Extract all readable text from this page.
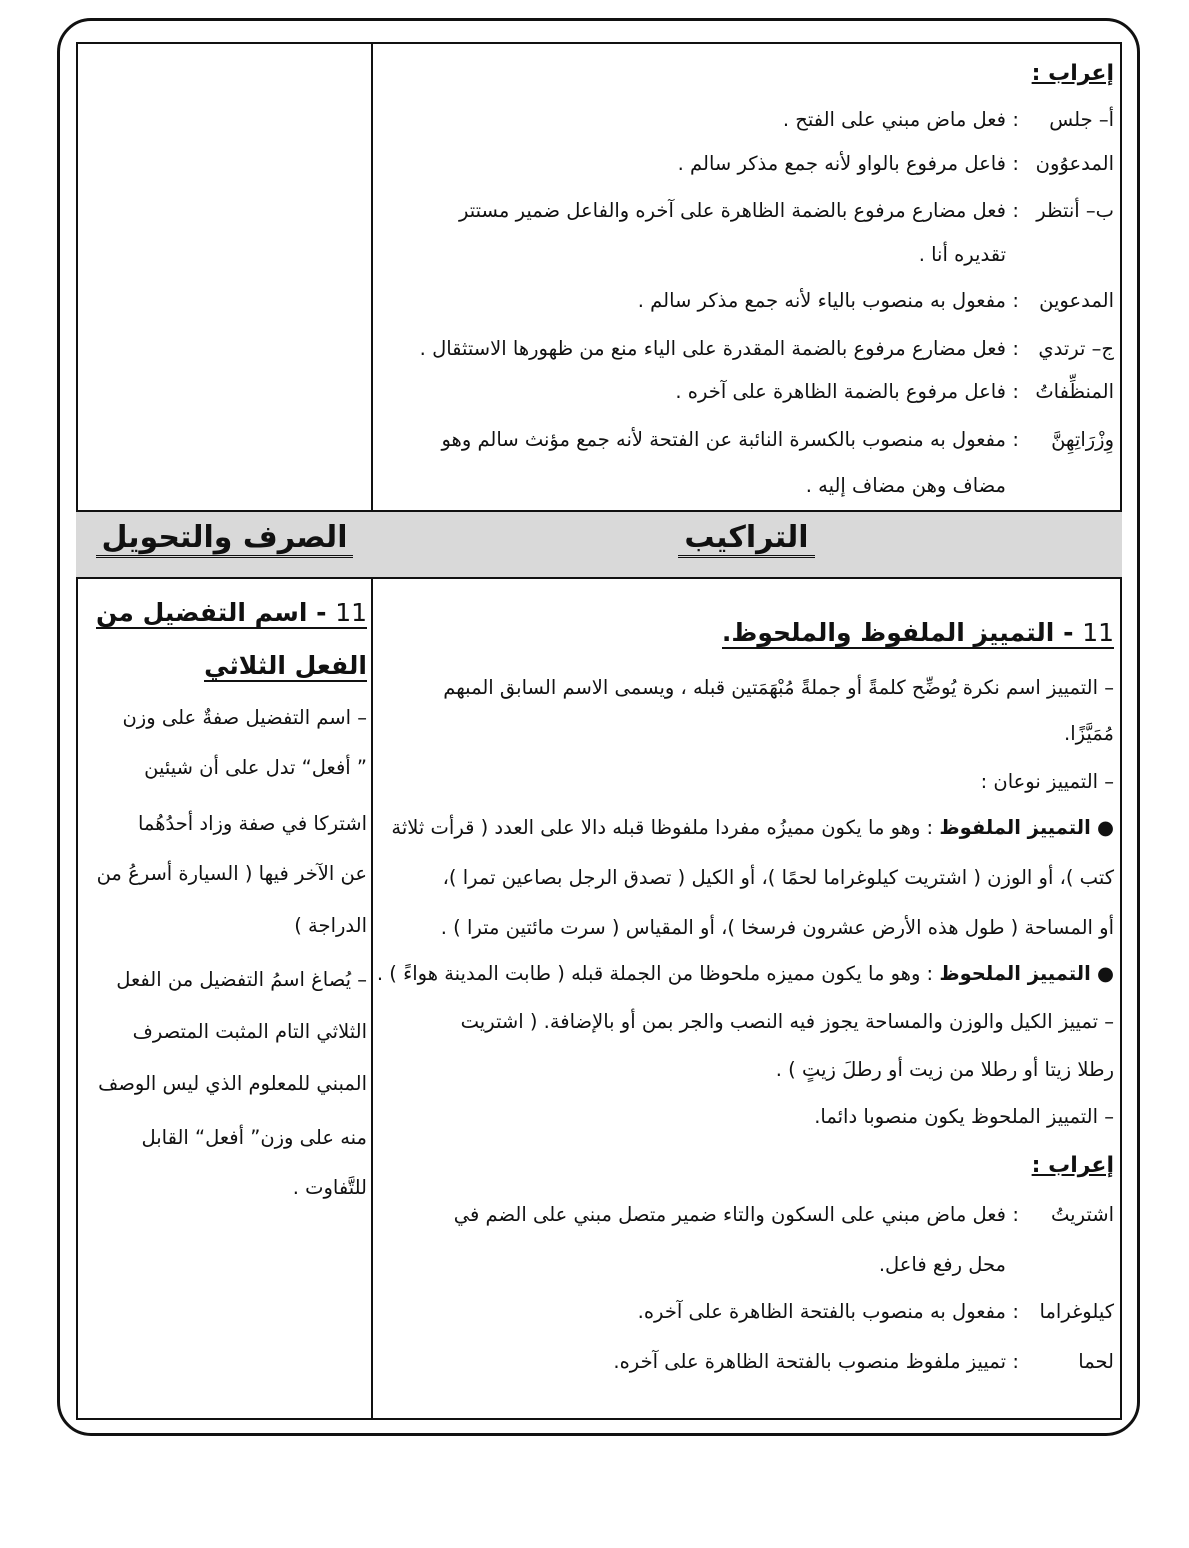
التراكيب
الصرف والتحويل
إعراب :
أ– جلس
:
فعل ماض مبني على الفتح .
المدعوُون
:
فاعل مرفوع بالواو لأنه جمع مذكر سالم .
ب– أنتظر
:
فعل مضارع مرفوع بالضمة الظاهرة على آخره والفاعل ضمير مستتر
تقديره أنا .
المدعوين
:
مفعول به منصوب بالياء لأنه جمع مذكر سالم .
ج– ترتدي
:
فعل مضارع مرفوع بالضمة المقدرة على الياء منع من ظهورها الاستثقال .
المنظِّفاتُ
:
فاعل مرفوع بالضمة الظاهرة على آخره .
وِزْرَاتِهِنَّ
:
مفعول به منصوب بالكسرة النائبة عن الفتحة لأنه جمع مؤنث سالم وهو
مضاف وهن مضاف إليه .
11 - التمييز الملفوظ والملحوظ.
– التمييز اسم نكرة يُوضِّح كلمةً أو جملةً مُبْهَمَتين قبله ، ويسمى الاسم السابق المبهم
مُمَيَّزًا.
– التمييز نوعان :
● التمييز الملفوظ : وهو ما يكون مميزُه مفردا ملفوظا قبله دالا على العدد ( قرأت ثلاثة
كتب )، أو الوزن ( اشتريت كيلوغراما لحمًا )، أو الكيل ( تصدق الرجل بصاعين تمرا )،
أو المساحة ( طول هذه الأرض عشرون فرسخا )، أو المقياس ( سرت مائتين مترا ) .
● التمييز الملحوظ : وهو ما يكون مميزه ملحوظا من الجملة قبله ( طابت المدينة هواءً ) .
– تمييز الكيل والوزن والمساحة يجوز فيه النصب والجر بمن أو بالإضافة. ( اشتريت
رطلا زيتا أو رطلا من زيت أو رطلَ زيتٍ ) .
– التمييز الملحوظ يكون منصوبا دائما.
إعراب :
اشتريتُ
:
فعل ماض مبني على السكون والتاء ضمير متصل مبني على الضم في
محل رفع فاعل.
كيلوغراما
:
مفعول به منصوب بالفتحة الظاهرة على آخره.
لحما
:
تمييز ملفوظ منصوب بالفتحة الظاهرة على آخره.
11 - اسم التفضيل من
الفعل الثلاثي
– اسم التفضيل صفةٌ على وزن
” أفعل“ تدل على أن شيئين
اشتركا في صفة وزاد أحدُهُما
عن الآخر فيها ( السيارة أسرعُ من
الدراجة )
– يُصاغ اسمُ التفضيل من الفعل
الثلاثي التام المثبت المتصرف
المبني للمعلوم الذي ليس الوصف
منه على وزن” أفعل“ القابل
للتَّفاوت .
